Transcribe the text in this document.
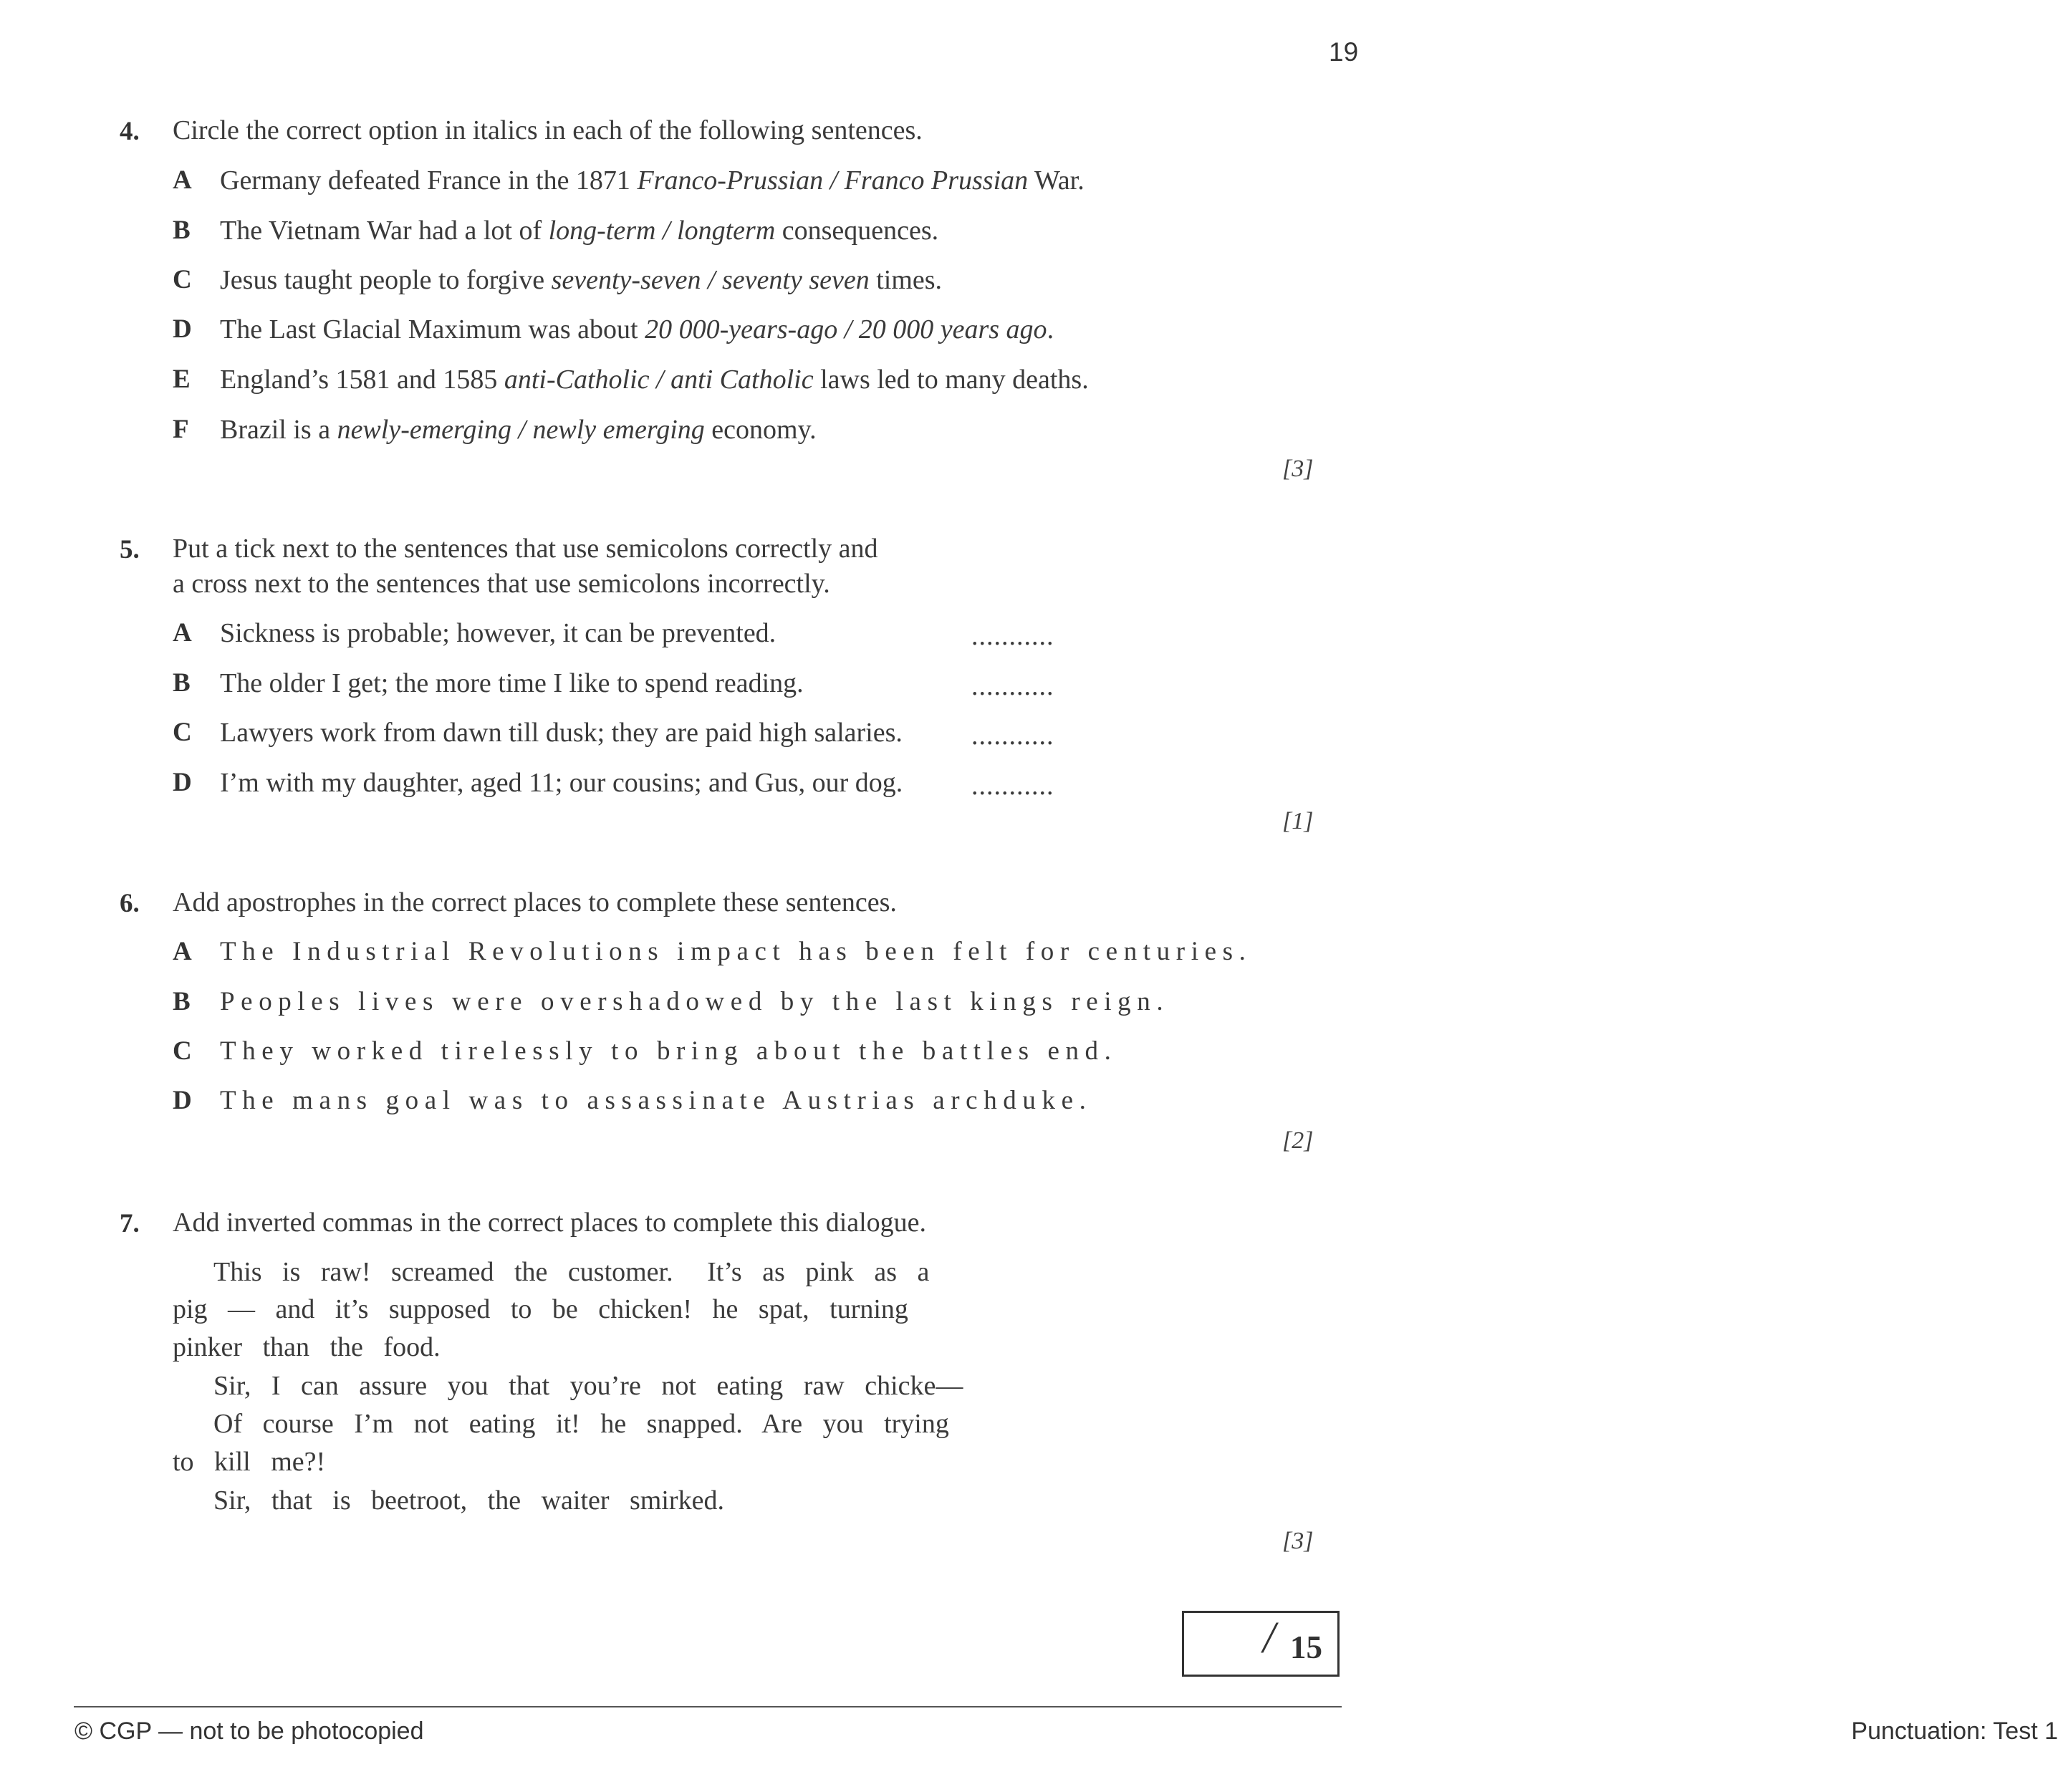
19
4. Circle the correct option in italics in each of the following sentences.
A Germany defeated France in the 1871 Franco-Prussian / Franco Prussian War.
B The Vietnam War had a lot of long-term / longterm consequences.
C Jesus taught people to forgive seventy-seven / seventy seven times.
D The Last Glacial Maximum was about 20 000-years-ago / 20 000 years ago.
E England’s 1581 and 1585 anti-Catholic / anti Catholic laws led to many deaths.
F Brazil is a newly-emerging / newly emerging economy.
[3]
5. Put a tick next to the sentences that use semicolons correctly and
a cross next to the sentences that use semicolons incorrectly.
A Sickness is probable; however, it can be prevented.	...........
B The older I get; the more time I like to spend reading.	...........
C Lawyers work from dawn till dusk; they are paid high salaries.	...........
D I’m with my daughter, aged 11; our cousins; and Gus, our dog.	...........
[1]
6. Add apostrophes in the correct places to complete these sentences.
A The Industrial Revolutions impact has been felt for centuries.
B Peoples lives were overshadowed by the last kings reign.
C They worked tirelessly to bring about the battles end.
D The mans goal was to assassinate Austrias archduke.
[2]
7. Add inverted commas in the correct places to complete this dialogue.
This   is   raw!   screamed   the   customer.     It’s   as   pink   as   a
pig   —   and   it’s   supposed   to   be   chicken!   he   spat,   turning
pinker   than   the   food.
Sir,   I   can   assure   you   that   you’re   not   eating   raw   chicke—
Of   course   I’m   not   eating   it!   he   snapped.   Are   you   trying
to   kill   me?!
Sir,   that   is   beetroot,   the   waiter   smirked.
[3]
/ 15
© CGP — not to be photocopied	Punctuation: Test 1
